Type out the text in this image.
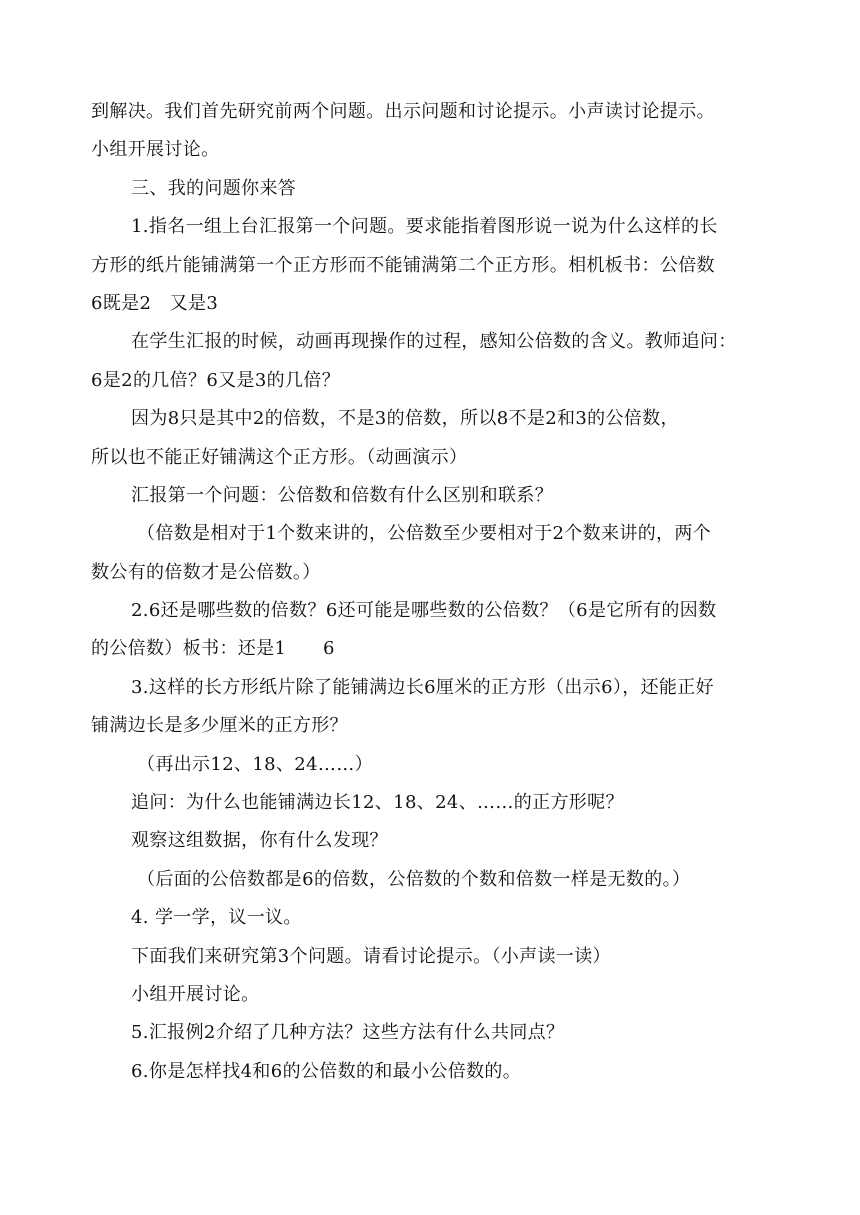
到解决。我们首先研究前两个问题。出示问题和讨论提示。小声读讨论提示。
小组开展讨论。
三、我的问题你来答
1.指名一组上台汇报第一个问题。要求能指着图形说一说为什么这样的长
方形的纸片能铺满第一个正方形而不能铺满第二个正方形。相机板书：公倍数
6既是2　又是3
在学生汇报的时候，动画再现操作的过程，感知公倍数的含义。教师追问：
6是2的几倍？6又是3的几倍？
因为8只是其中2的倍数，不是3的倍数，所以8不是2和3的公倍数，
所以也不能正好铺满这个正方形。（动画演示）
汇报第一个问题：公倍数和倍数有什么区别和联系？
（倍数是相对于1个数来讲的，公倍数至少要相对于2个数来讲的，两个
数公有的倍数才是公倍数。）
2.6还是哪些数的倍数？6还可能是哪些数的公倍数？（6是它所有的因数
的公倍数）板书：还是1　　6
3.这样的长方形纸片除了能铺满边长6厘米的正方形（出示6），还能正好
铺满边长是多少厘米的正方形？
（再出示12、18、24……）
追问：为什么也能铺满边长12、18、24、……的正方形呢？
观察这组数据，你有什么发现？
（后面的公倍数都是6的倍数，公倍数的个数和倍数一样是无数的。）
4. 学一学，议一议。
下面我们来研究第3个问题。请看讨论提示。（小声读一读）
小组开展讨论。
5.汇报例2介绍了几种方法？这些方法有什么共同点？
6.你是怎样找4和6的公倍数的和最小公倍数的。
